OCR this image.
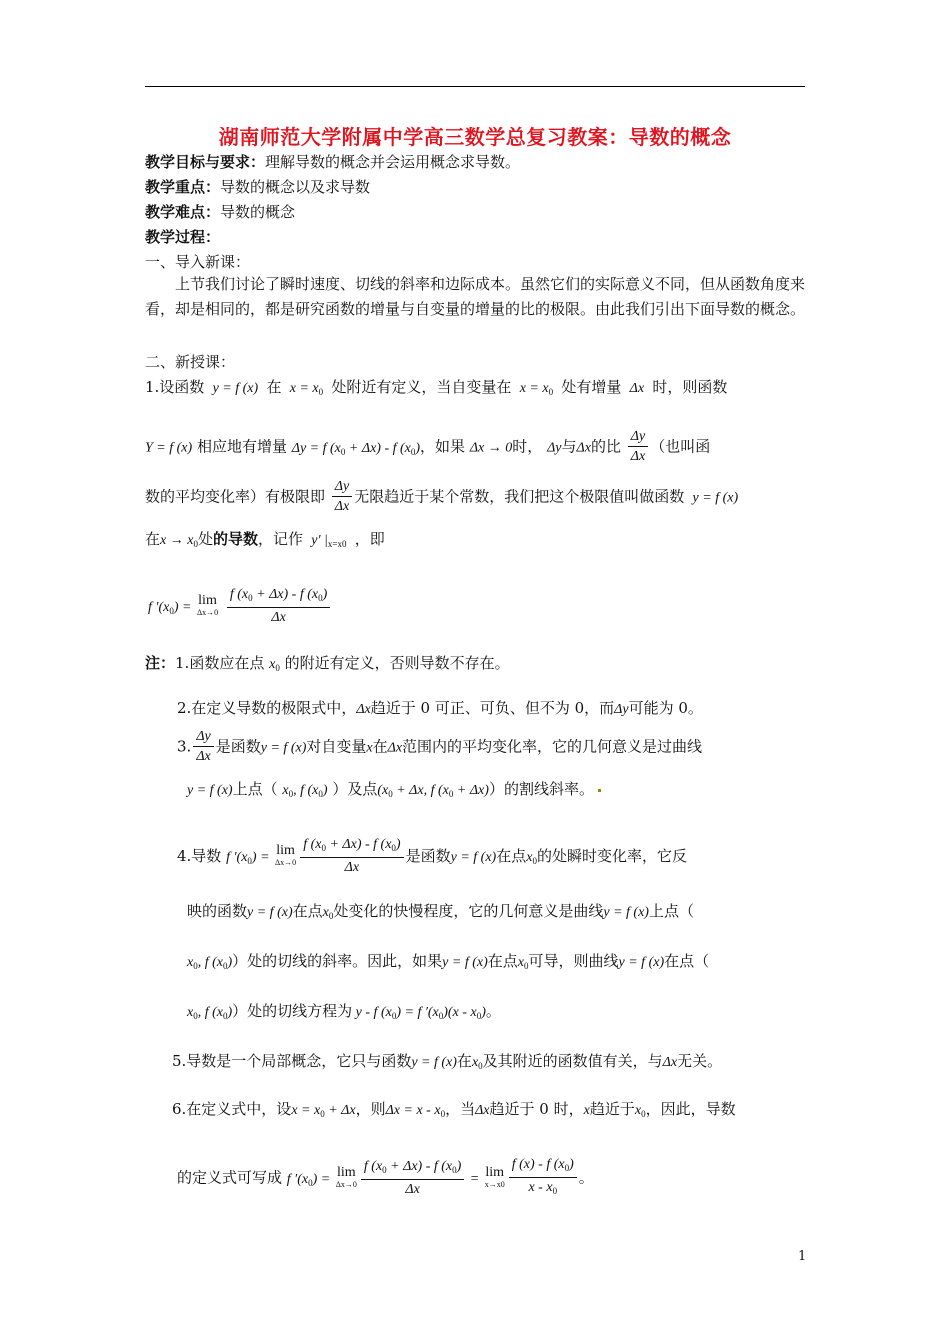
湖南师范大学附属中学高三数学总复习教案：导数的概念
教学目标与要求：理解导数的概念并会运用概念求导数。
教学重点：导数的概念以及求导数
教学难点：导数的概念
教学过程：
一、导入新课：
上节我们讨论了瞬时速度、切线的斜率和边际成本。虽然它们的实际意义不同，但从函数角度来看，却是相同的，都是研究函数的增量与自变量的增量的比的极限。由此我们引出下面导数的概念。
二、新授课：
1.设函数  y = f (x)  在  $x = x_0$ 处附近有定义，当自变量在  $x = x_0$ 处有增量  Δx  时，则函数
Y = f (x) 相应地有增量 Δy = f $(x_0 + \Delta x) - f$ $(x_0)$，如果 Δx → 0时， Δy与Δx的比 $\frac{\Delta y}{\Delta x}$ （也叫函
数的平均变化率）有极限即 $\frac{\Delta y}{\Delta x}$ 无限趋近于某个常数，我们把这个极限值叫做函数  y = f (x)
在$x \to x_0$处的导数，记作  y′ $|_{x=x0}$ ，即
f $'(x_0) = \lim$
Δx→0
$\frac{f (x_0 + \Delta x) - f (x_0)}{\Delta x}$
注：1.函数应在点 $x_0$ 的附近有定义，否则导数不存在。
2.在定义导数的极限式中，Δx趋近于 0 可正、可负、但不为 0，而Δy可能为 0。
3. $\frac{\Delta y}{\Delta x}$ 是函数y = f (x)对自变量x在Δx范围内的平均变化率，它的几何意义是过曲线
y = f (x)上点（ $x_0$, f $(x_0)$ ）及点($x_0 + \Delta x$, f $(x_0 + \Delta x)$）的割线斜率。
4.导数 f $'(x_0) = \lim$
$\Delta x\to 0 \frac{f (x_0 + \Delta x) - f (x_0)}{\Delta x}$ 是函数y = f (x)在点$x_0$的处瞬时变化率，它反
映的函数y = f (x)在点$x_0$处变化的快慢程度，它的几何意义是曲线y = f (x)上点（
$x_0$, f $(x_0)$）处的切线的斜率。因此，如果y = f (x)在点$x_0$可导，则曲线y = f (x)在点（
$x_0$, f $(x_0)$）处的切线方程为 y - f $(x_0) = f$ $'(x_0)(x - x_0)$。
5.导数是一个局部概念，它只与函数y = f (x)在$x_0$及其附近的函数值有关，与Δx无关。
6.在定义式中，设$x = x_0 + \Delta x$，则$\Delta x = x - x_0$，当Δx趋近于 0 时，x趋近于$x_0$，因此，导数
的定义式可写成 f $'(x_0) = \lim$
$\Delta x\to 0 \frac{f (x_0 + \Delta x) - f (x_0)}{\Delta x} = \lim$
$x\to x0 \frac{f (x) - f (x_0)}{x - x_0}$ 。
1
